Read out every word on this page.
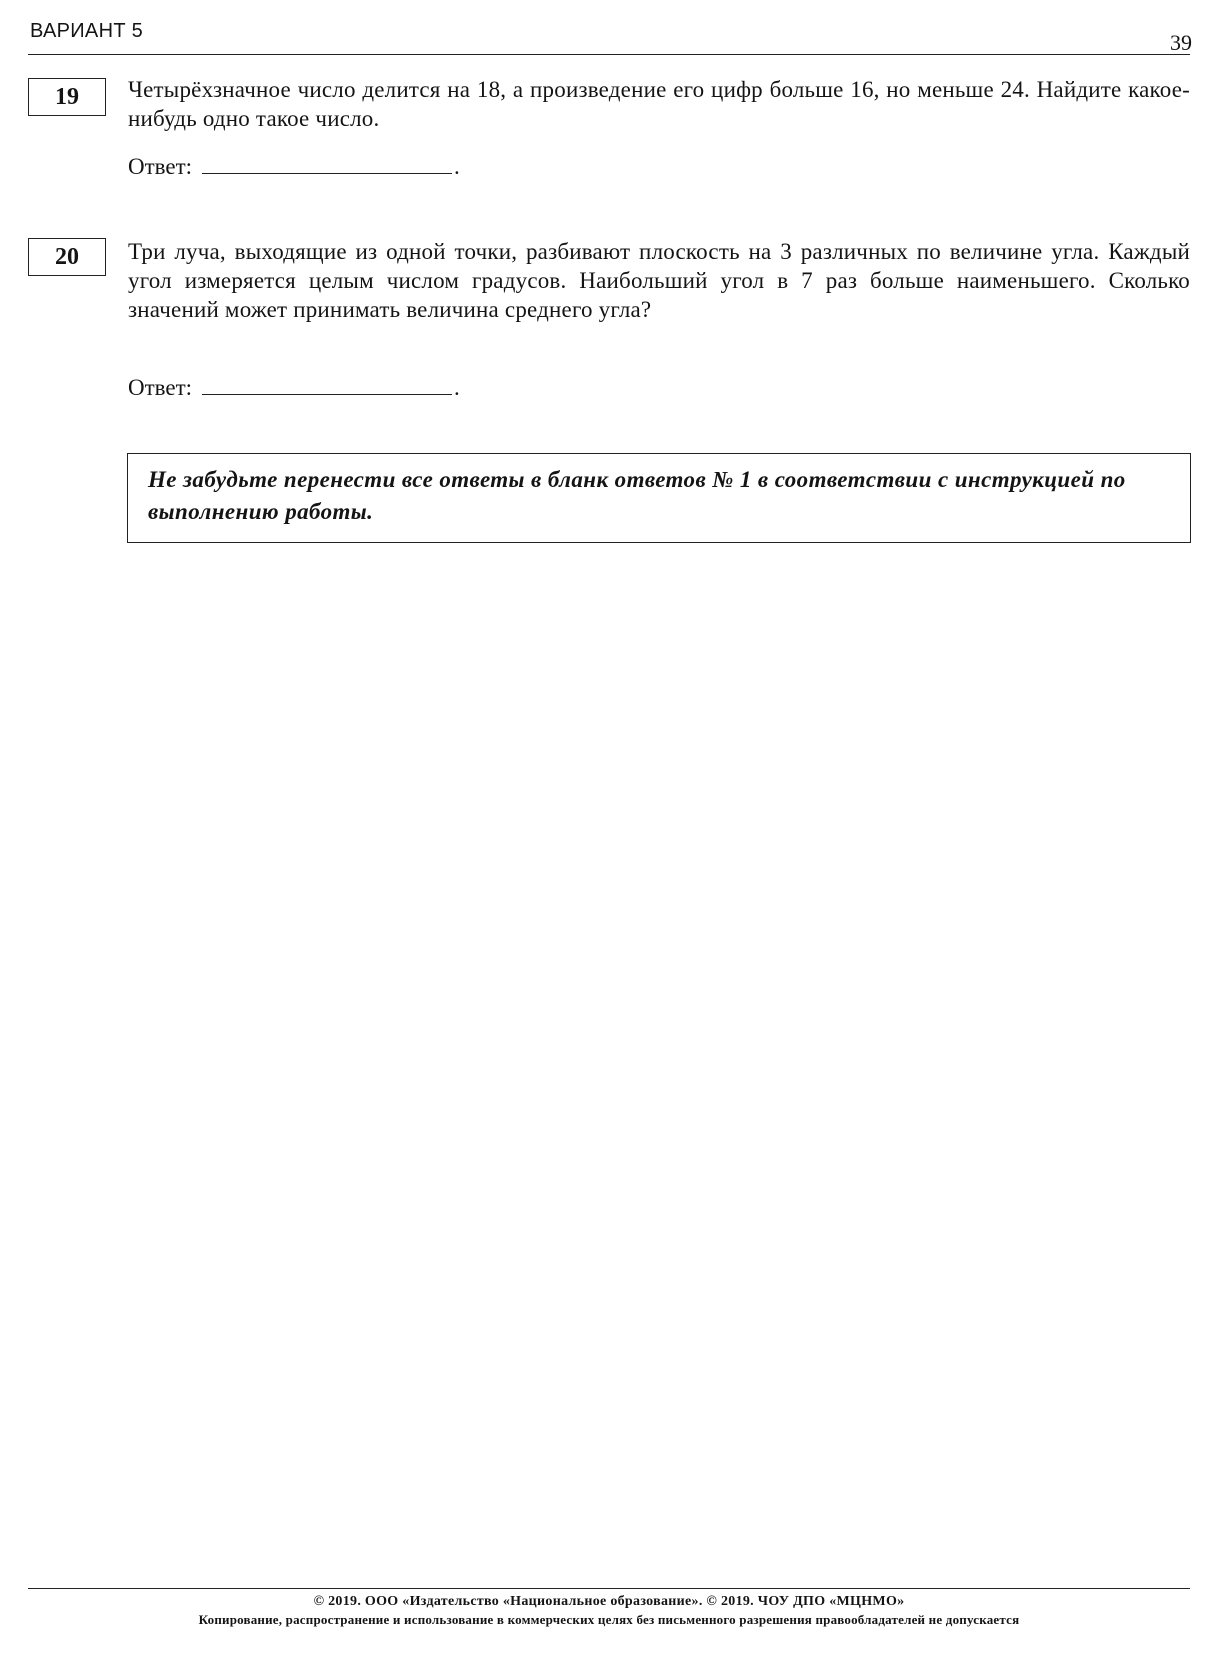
ВАРИАНТ 5	39
19	Четырёхзначное число делится на 18, а произведение его цифр больше 16, но меньше 24. Найдите какое-нибудь одно такое число.
Ответ:	.
20	Три луча, выходящие из одной точки, разбивают плоскость на 3 различных по величине угла. Каждый угол измеряется целым числом градусов. Наибольший угол в 7 раз больше наименьшего. Сколько значений может принимать величина среднего угла?
Ответ:	.
Не забудьте перенести все ответы в бланк ответов № 1 в соответствии с инструкцией по выполнению работы.
© 2019. ООО «Издательство «Национальное образование». © 2019. ЧОУ ДПО «МЦНМО»
Копирование, распространение и использование в коммерческих целях без письменного разрешения правообладателей не допускается
